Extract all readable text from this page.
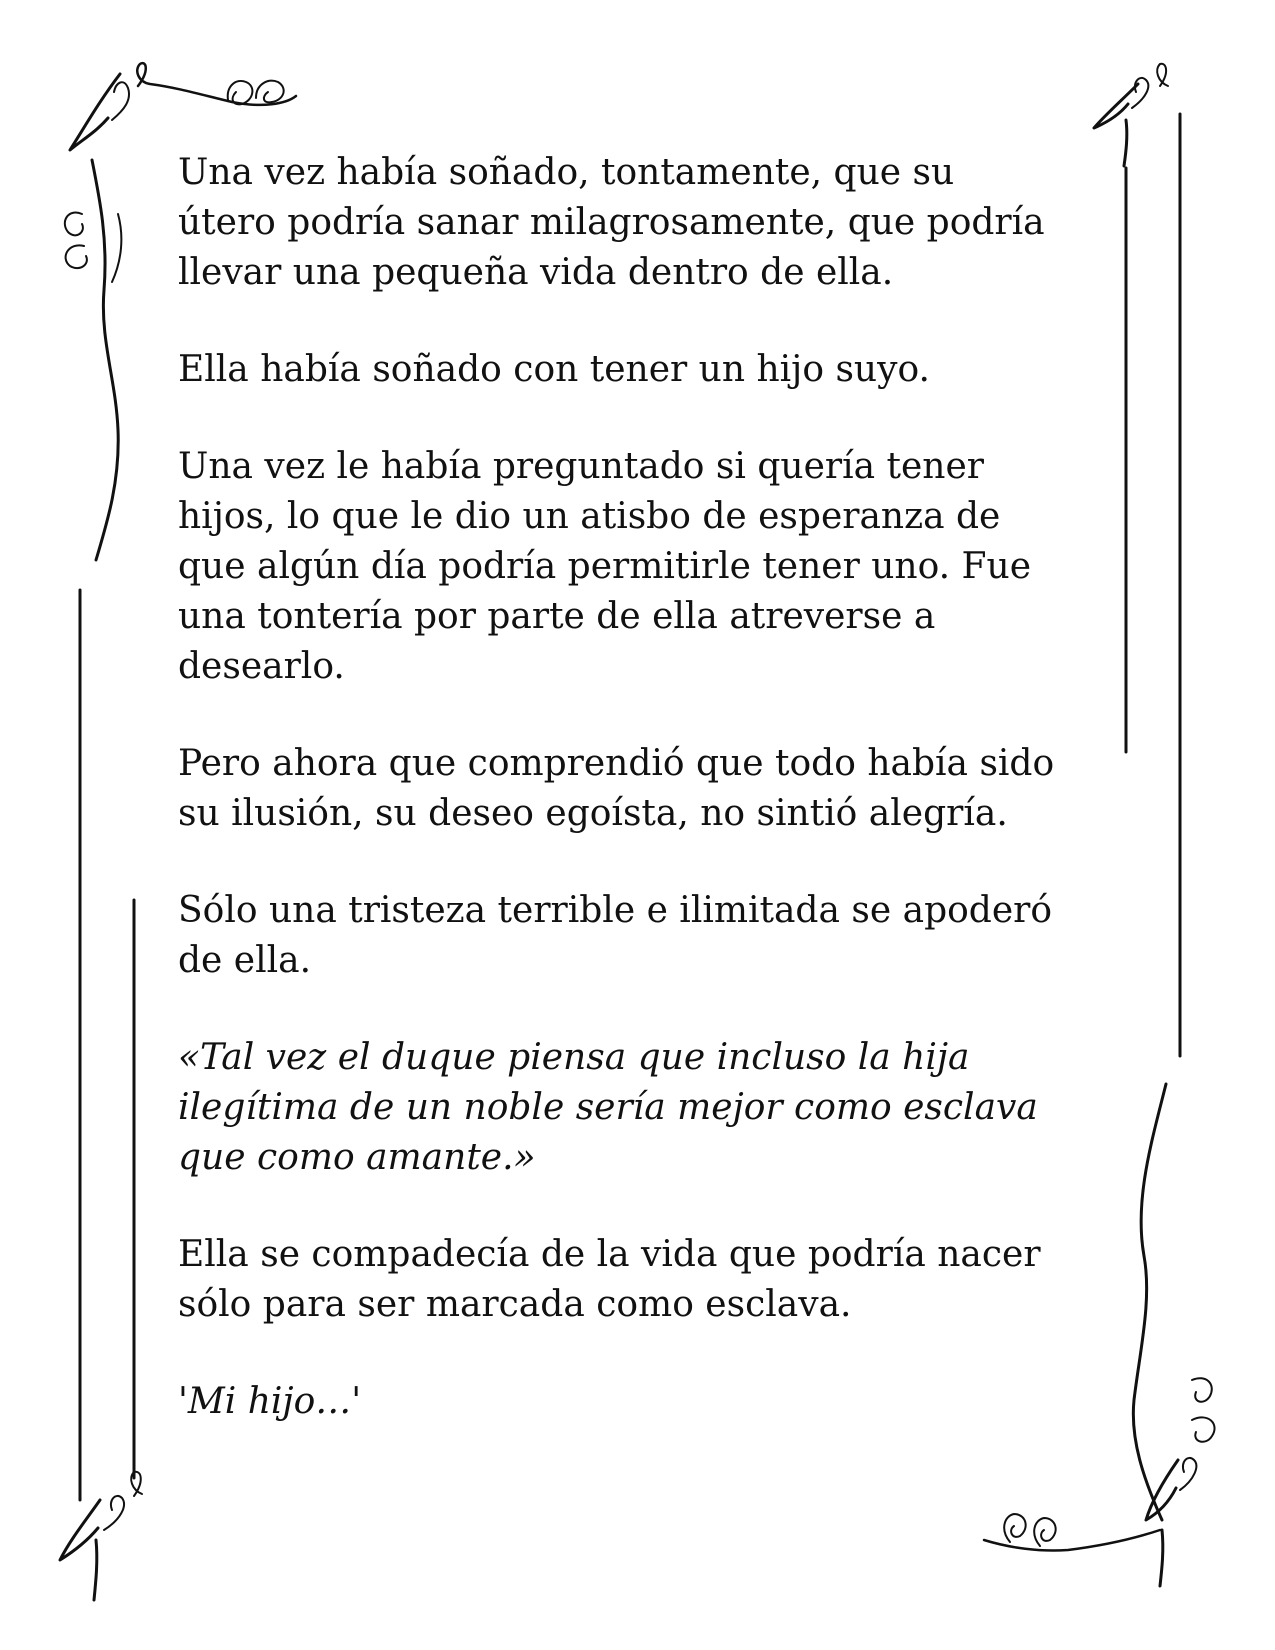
Una vez había soñado, tontamente, que su
útero podría sanar milagrosamente, que podría
llevar una pequeña vida dentro de ella.

Ella había soñado con tener un hijo suyo.

Una vez le había preguntado si quería tener
hijos, lo que le dio un atisbo de esperanza de
que algún día podría permitirle tener uno. Fue
una tontería por parte de ella atreverse a
desearlo.

Pero ahora que comprendió que todo había sido
su ilusión, su deseo egoísta, no sintió alegría.

Sólo una tristeza terrible e ilimitada se apoderó
de ella.

«Tal vez el duque piensa que incluso la hija
ilegítima de un noble sería mejor como esclava
que como amante.»

Ella se compadecía de la vida que podría nacer
sólo para ser marcada como esclava.

'Mi hijo…'
